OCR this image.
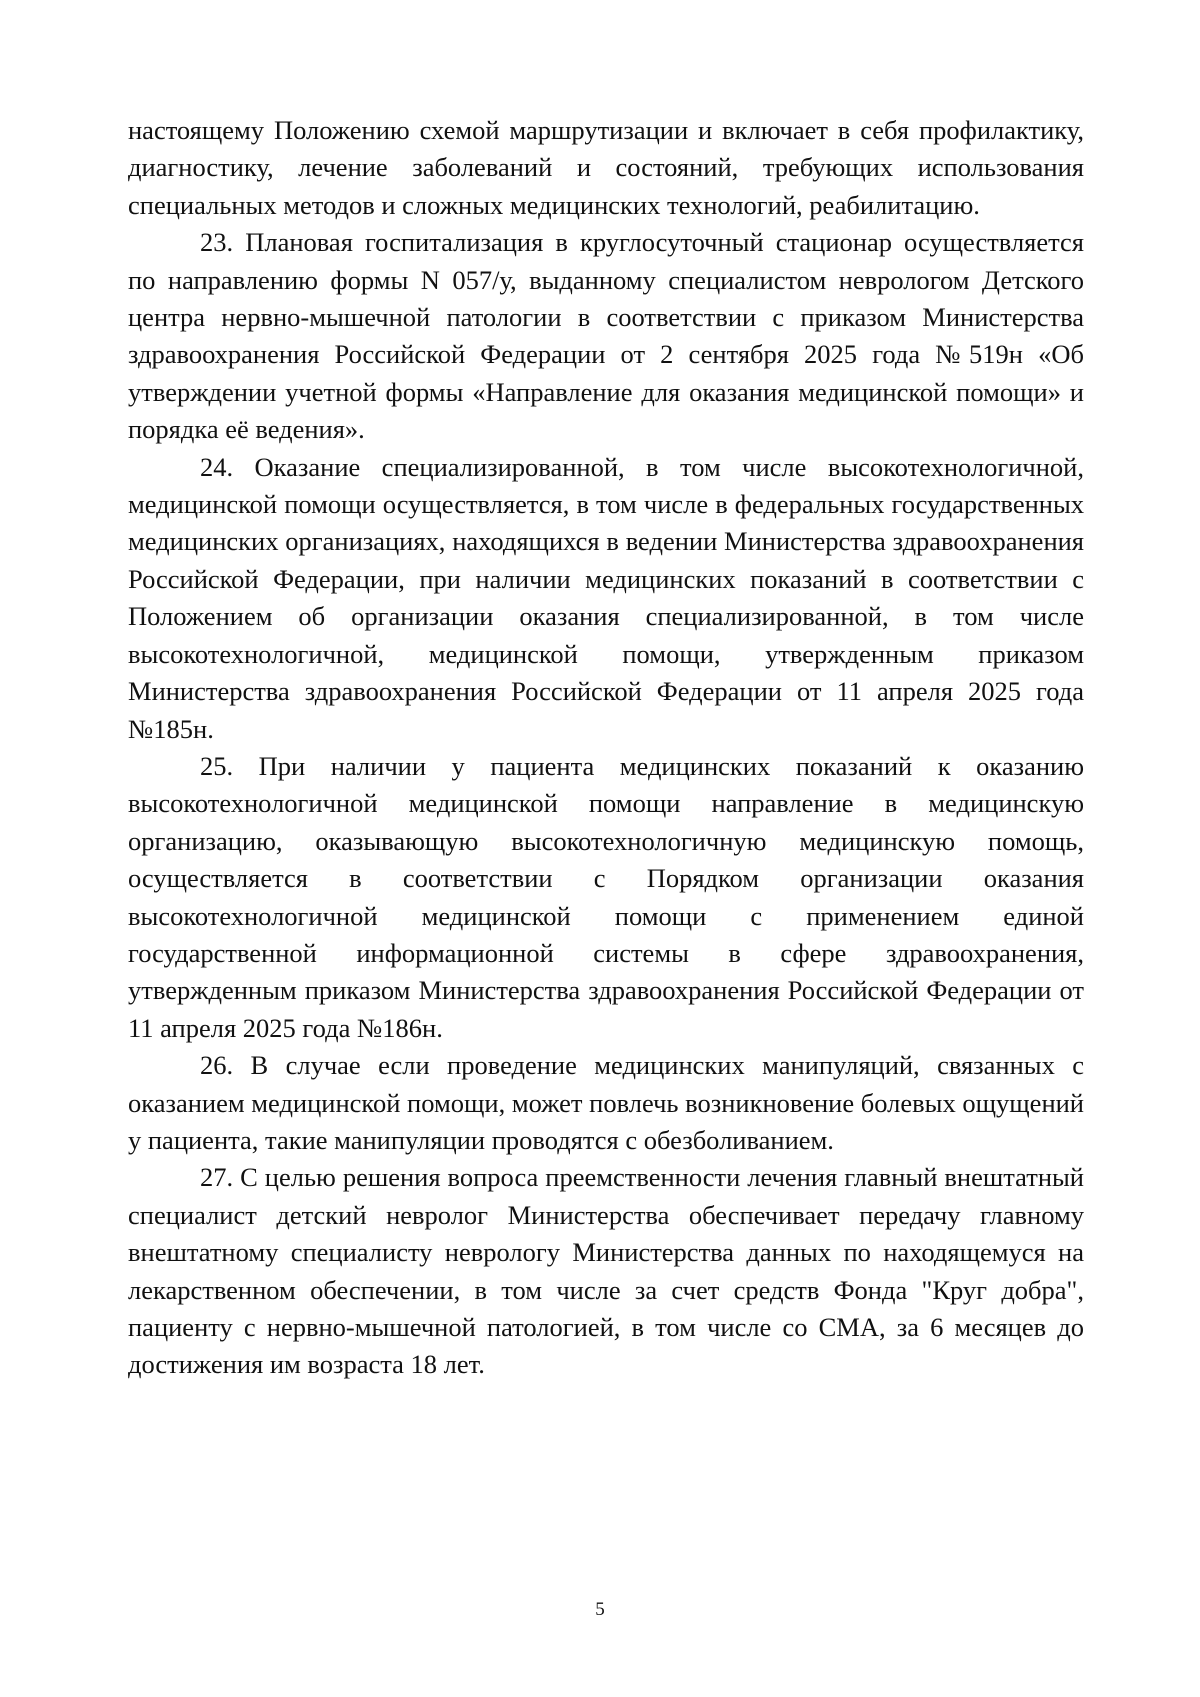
настоящему Положению схемой маршрутизации и включает в себя профилактику, диагностику, лечение заболеваний и состояний, требующих использования специальных методов и сложных медицинских технологий, реабилитацию.

23. Плановая госпитализация в круглосуточный стационар осуществляется по направлению формы N 057/у, выданному специалистом неврологом Детского центра нервно-мышечной патологии в соответствии с приказом Министерства здравоохранения Российской Федерации от 2 сентября 2025 года №519н «Об утверждении учетной формы «Направление для оказания медицинской помощи» и порядка её ведения».

24. Оказание специализированной, в том числе высокотехнологичной, медицинской помощи осуществляется, в том числе в федеральных государственных медицинских организациях, находящихся в ведении Министерства здравоохранения Российской Федерации, при наличии медицинских показаний в соответствии с Положением об организации оказания специализированной, в том числе высокотехнологичной, медицинской помощи, утвержденным приказом Министерства здравоохранения Российской Федерации от 11 апреля 2025 года №185н.

25. При наличии у пациента медицинских показаний к оказанию высокотехнологичной медицинской помощи направление в медицинскую организацию, оказывающую высокотехнологичную медицинскую помощь, осуществляется в соответствии с Порядком организации оказания высокотехнологичной медицинской помощи с применением единой государственной информационной системы в сфере здравоохранения, утвержденным приказом Министерства здравоохранения Российской Федерации от 11 апреля 2025 года №186н.

26. В случае если проведение медицинских манипуляций, связанных с оказанием медицинской помощи, может повлечь возникновение болевых ощущений у пациента, такие манипуляции проводятся с обезболиванием.

27. С целью решения вопроса преемственности лечения главный внештатный специалист детский невролог Министерства обеспечивает передачу главному внештатному специалисту неврологу Министерства данных по находящемуся на лекарственном обеспечении, в том числе за счет средств Фонда "Круг добра", пациенту с нервно-мышечной патологией, в том числе со СМА, за 6 месяцев до достижения им возраста 18 лет.

5
